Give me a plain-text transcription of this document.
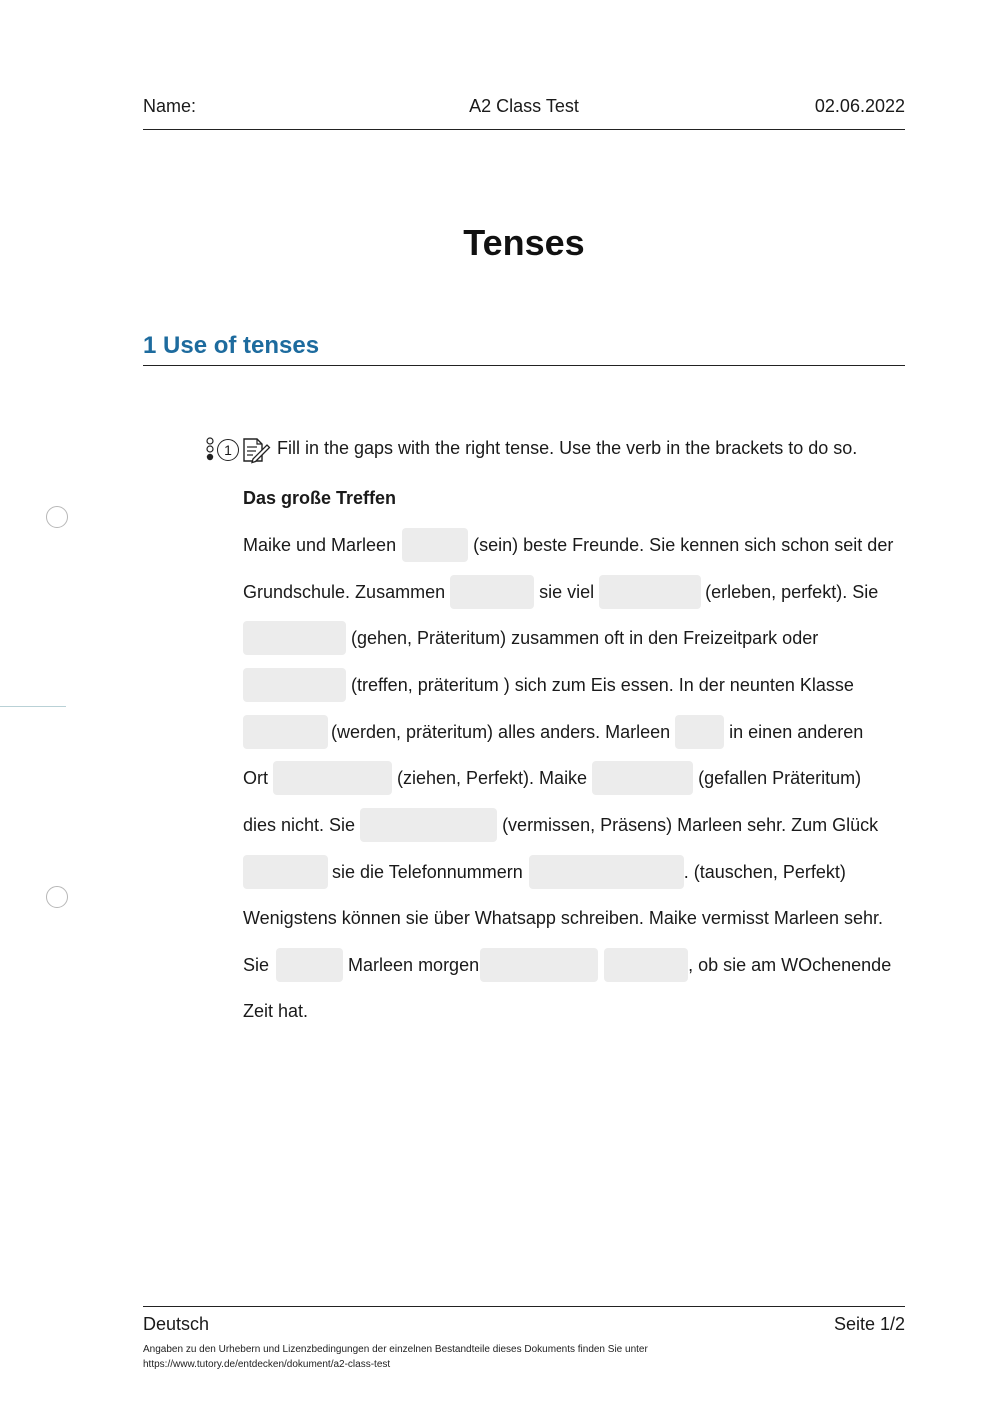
Name:	A2 Class Test	02.06.2022
Tenses
1 Use of tenses
1	Fill in the gaps with the right tense. Use the verb in the brackets to do so.
Das große Treffen
Maike und Marleen	(sein) beste Freunde. Sie kennen sich schon seit der
Grundschule. Zusammen	sie viel	(erleben, perfekt). Sie
(gehen, Präteritum) zusammen oft in den Freizeitpark oder
(treffen, präteritum ) sich zum Eis essen. In der neunten Klasse
(werden, präteritum) alles anders. Marleen	in einen anderen
Ort	(ziehen, Perfekt). Maike	(gefallen Präteritum)
dies nicht. Sie	(vermissen, Präsens) Marleen sehr. Zum Glück
sie die Telefonnummern	. (tauschen, Perfekt)
Wenigstens können sie über Whatsapp schreiben. Maike vermisst Marleen sehr.
Sie	Marleen morgen	, ob sie am WOchenende
Zeit hat.
Deutsch	Seite 1/2
Angaben zu den Urhebern und Lizenzbedingungen der einzelnen Bestandteile dieses Dokuments finden Sie unter
https://www.tutory.de/entdecken/dokument/a2-class-test
